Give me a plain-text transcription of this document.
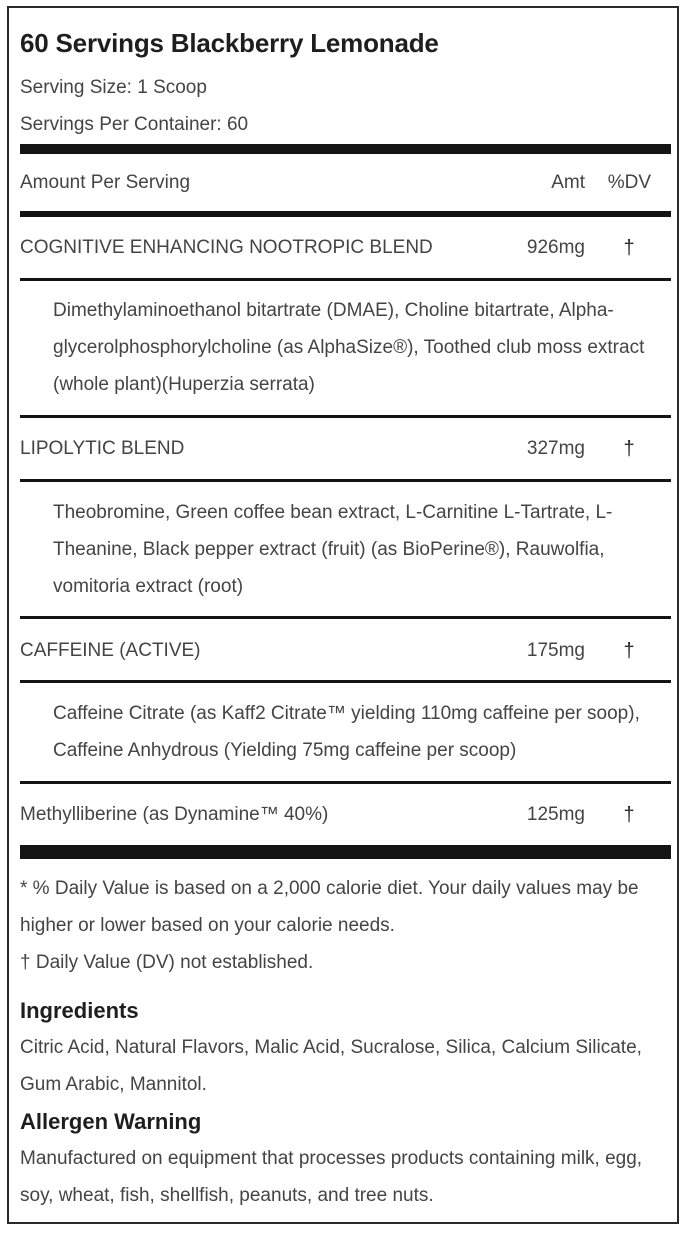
60 Servings Blackberry Lemonade
Serving Size: 1 Scoop
Servings Per Container: 60
Amount Per Serving	Amt %DV
COGNITIVE ENHANCING NOOTROPIC BLEND	926mg †
Dimethylaminoethanol bitartrate (DMAE), Choline bitartrate, Alpha-glycerolphosphorylcholine (as AlphaSize®), Toothed club moss extract (whole plant)(Huperzia serrata)
LIPOLYTIC BLEND	327mg †
Theobromine, Green coffee bean extract, L-Carnitine L-Tartrate, L-Theanine, Black pepper extract (fruit) (as BioPerine®), Rauwolfia, vomitoria extract (root)
CAFFEINE (ACTIVE)	175mg †
Caffeine Citrate (as Kaff2 Citrate™ yielding 110mg caffeine per soop), Caffeine Anhydrous (Yielding 75mg caffeine per scoop)
Methylliberine (as Dynamine™ 40%)	125mg †
* % Daily Value is based on a 2,000 calorie diet. Your daily values may be higher or lower based on your calorie needs.
† Daily Value (DV) not established.
Ingredients
Citric Acid, Natural Flavors, Malic Acid, Sucralose, Silica, Calcium Silicate, Gum Arabic, Mannitol.
Allergen Warning
Manufactured on equipment that processes products containing milk, egg, soy, wheat, fish, shellfish, peanuts, and tree nuts.
